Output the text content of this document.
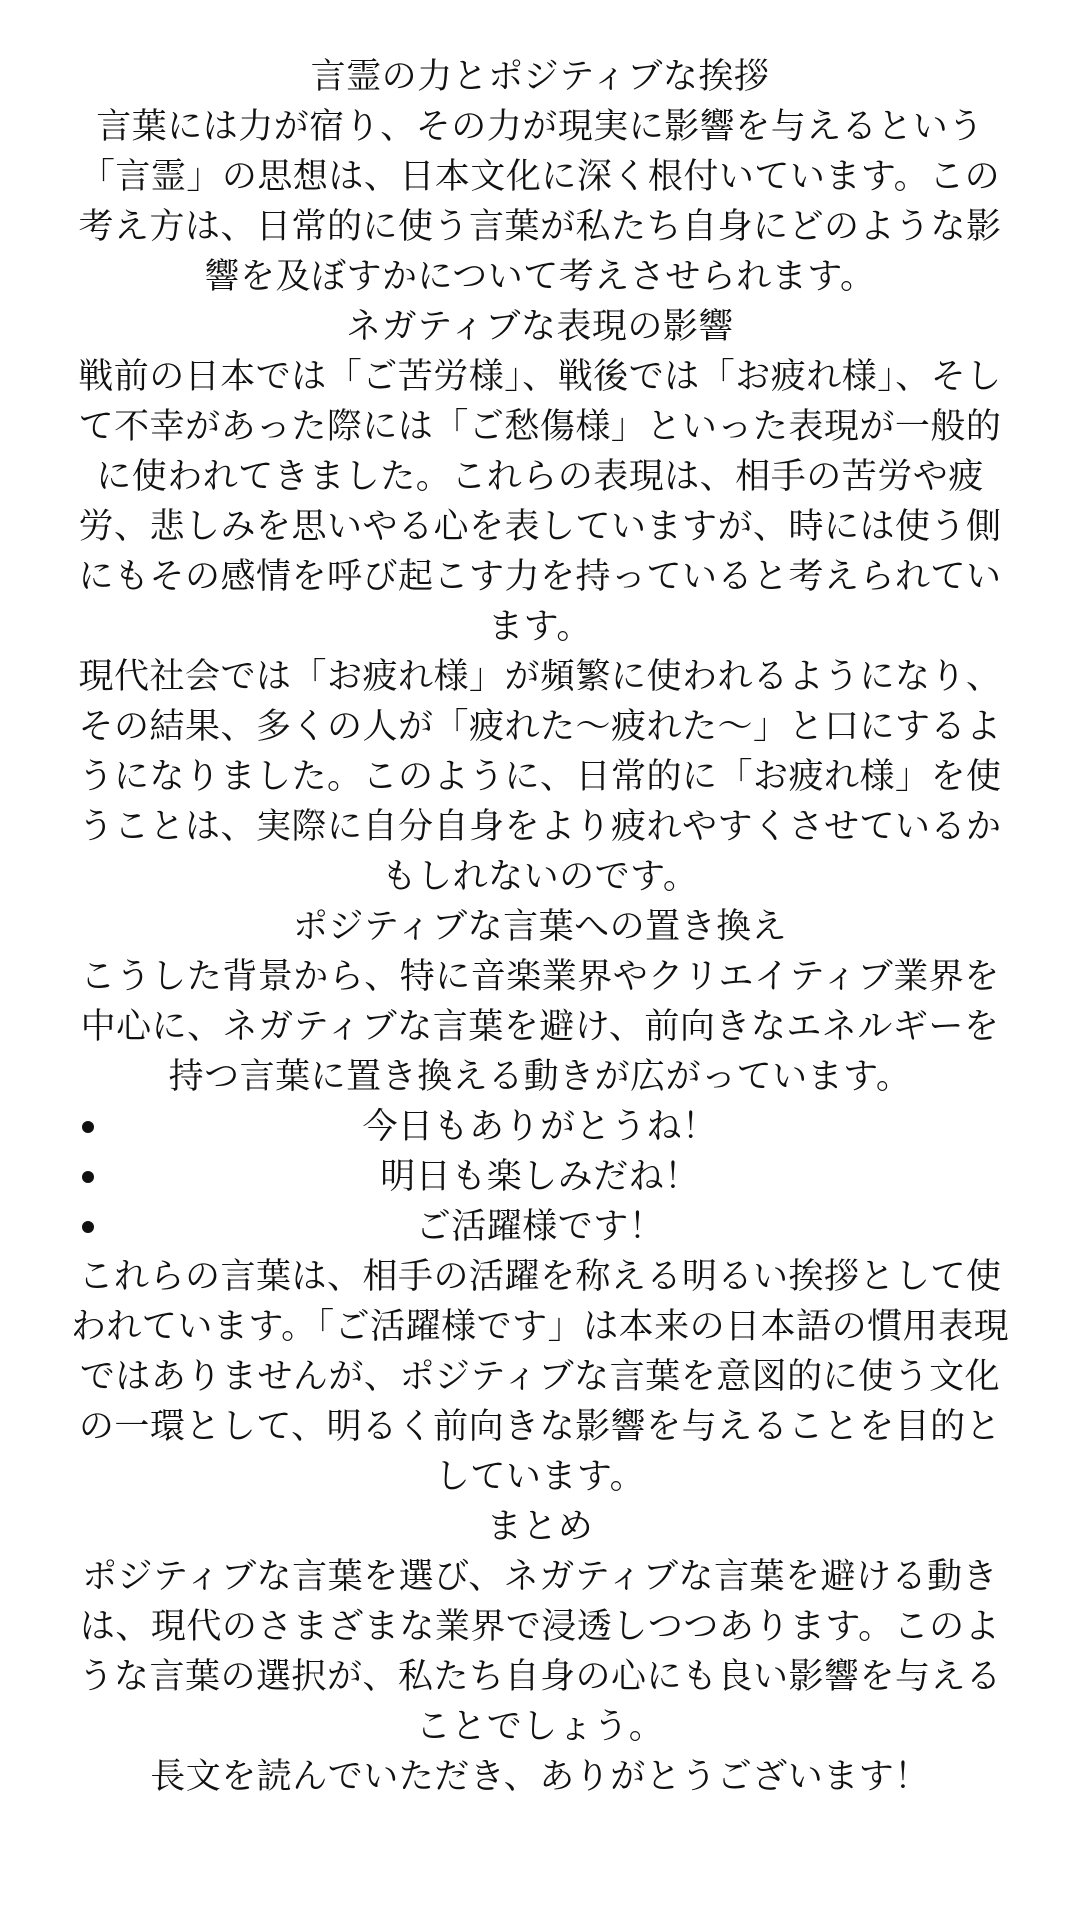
言霊の力とポジティブな挨拶

言葉には力が宿り、その力が現実に影響を与えるという「言霊」の思想は、日本文化に深く根付いています。この考え方は、日常的に使う言葉が私たち自身にどのような影響を及ぼすかについて考えさせられます。

ネガティブな表現の影響

戦前の日本では「ご苦労様」、戦後では「お疲れ様」、そして不幸があった際には「ご愁傷様」といった表現が一般的に使われてきました。これらの表現は、相手の苦労や疲労、悲しみを思いやる心を表していますが、時には使う側にもその感情を呼び起こす力を持っていると考えられています。

現代社会では「お疲れ様」が頻繁に使われるようになり、その結果、多くの人が「疲れた〜疲れた〜」と口にするようになりました。このように、日常的に「お疲れ様」を使うことは、実際に自分自身をより疲れやすくさせているかもしれないのです。

ポジティブな言葉への置き換え

こうした背景から、特に音楽業界やクリエイティブ業界を中心に、ネガティブな言葉を避け、前向きなエネルギーを持つ言葉に置き換える動きが広がっています。

今日もありがとうね！
明日も楽しみだね！
ご活躍様です！

これらの言葉は、相手の活躍を称える明るい挨拶として使われています。「ご活躍様です」は本来の日本語の慣用表現ではありませんが、ポジティブな言葉を意図的に使う文化の一環として、明るく前向きな影響を与えることを目的としています。

まとめ

ポジティブな言葉を選び、ネガティブな言葉を避ける動きは、現代のさまざまな業界で浸透しつつあります。このような言葉の選択が、私たち自身の心にも良い影響を与えることでしょう。

長文を読んでいただき、ありがとうございます！
